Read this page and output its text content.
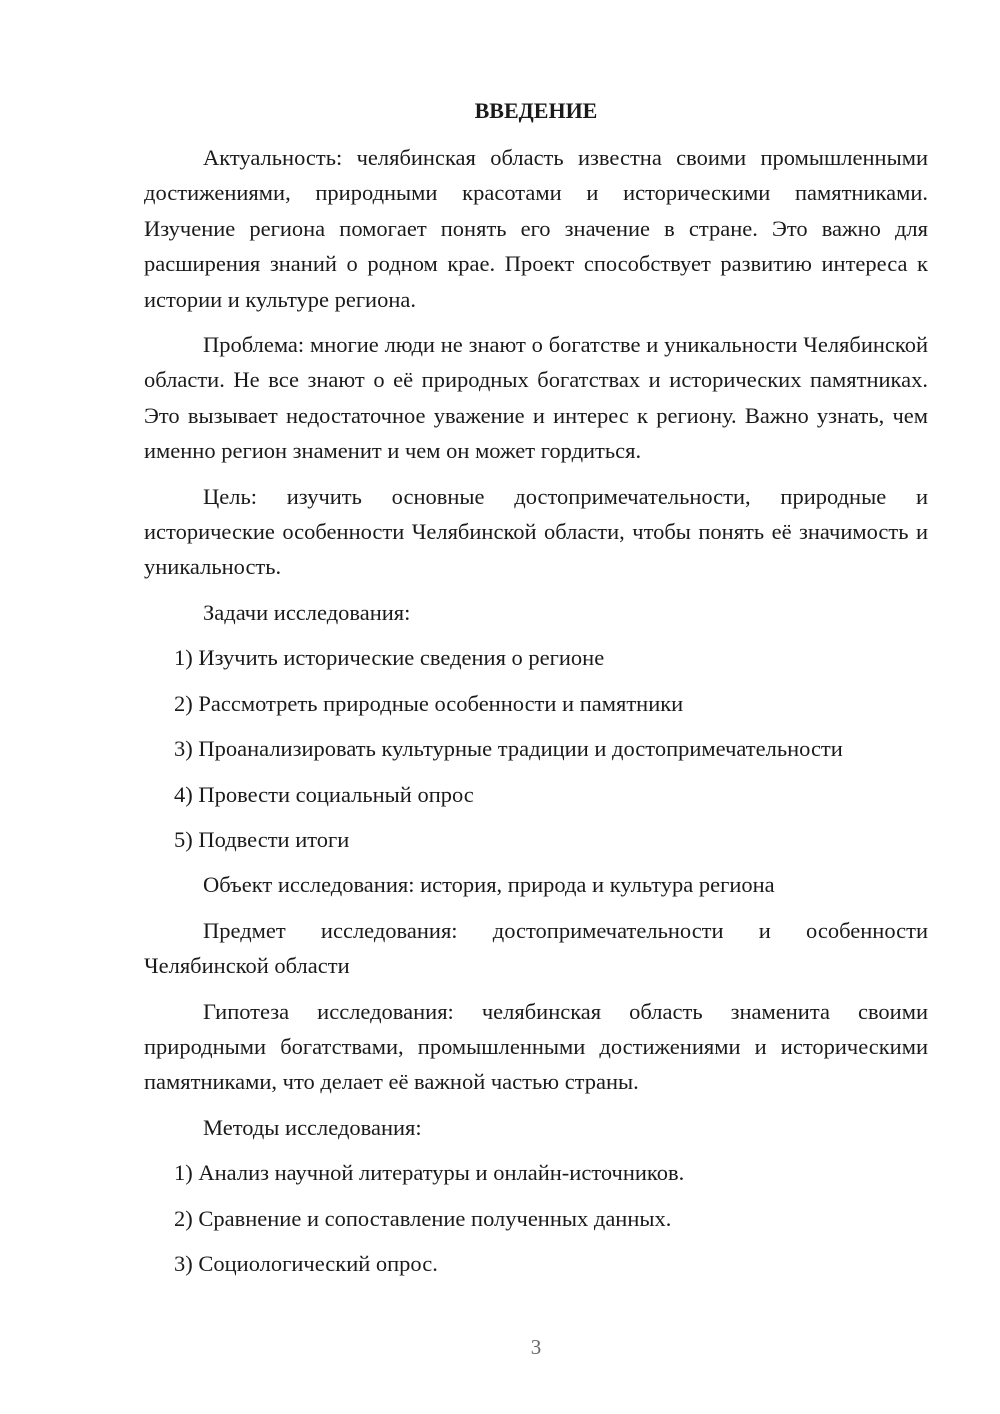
ВВЕДЕНИЕ

Актуальность: челябинская область известна своими промышленными достижениями, природными красотами и историческими памятниками. Изучение региона помогает понять его значение в стране. Это важно для расширения знаний о родном крае. Проект способствует развитию интереса к истории и культуре региона.

Проблема: многие люди не знают о богатстве и уникальности Челябинской области. Не все знают о её природных богатствах и исторических памятниках. Это вызывает недостаточное уважение и интерес к региону. Важно узнать, чем именно регион знаменит и чем он может гордиться.

Цель: изучить основные достопримечательности, природные и исторические особенности Челябинской области, чтобы понять её значимость и уникальность.

Задачи исследования:

1) Изучить исторические сведения о регионе
2) Рассмотреть природные особенности и памятники
3) Проанализировать культурные традиции и достопримечательности
4) Провести социальный опрос
5) Подвести итоги

Объект исследования: история, природа и культура региона

Предмет исследования: достопримечательности и особенности Челябинской области

Гипотеза исследования: челябинская область знаменита своими природными богатствами, промышленными достижениями и историческими памятниками, что делает её важной частью страны.

Методы исследования:

1) Анализ научной литературы и онлайн-источников.
2) Сравнение и сопоставление полученных данных.
3) Социологический опрос.
3
